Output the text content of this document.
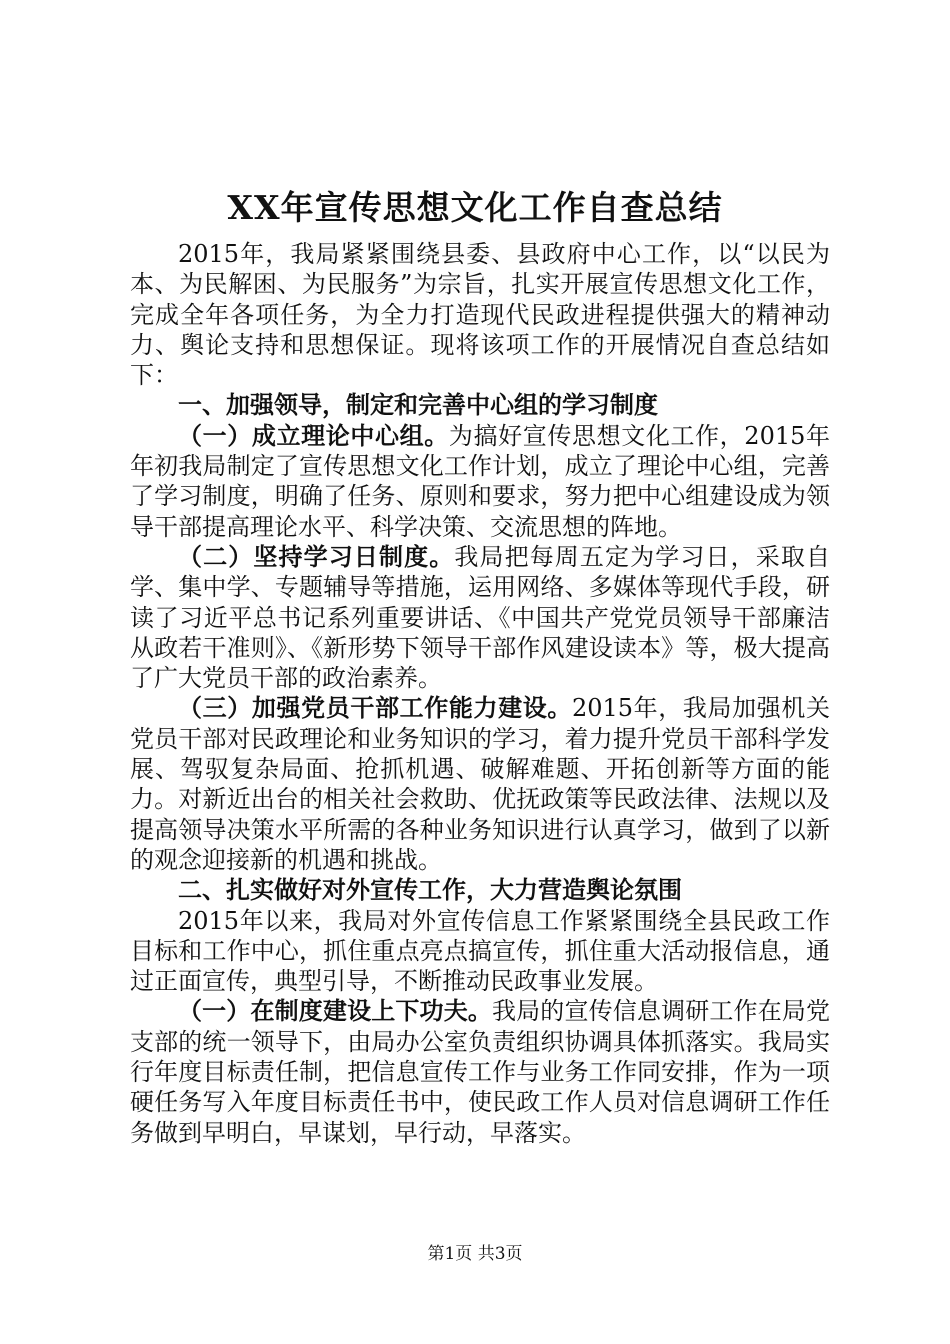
XX年宣传思想文化工作自查总结

2015年，我局紧紧围绕县委、县政府中心工作，以“以民为本、为民解困、为民服务”为宗旨，扎实开展宣传思想文化工作，完成全年各项任务，为全力打造现代民政进程提供强大的精神动力、舆论支持和思想保证。现将该项工作的开展情况自查总结如下：

一、加强领导，制定和完善中心组的学习制度

（一）成立理论中心组。为搞好宣传思想文化工作，2015年年初我局制定了宣传思想文化工作计划，成立了理论中心组，完善了学习制度，明确了任务、原则和要求，努力把中心组建设成为领导干部提高理论水平、科学决策、交流思想的阵地。

（二）坚持学习日制度。我局把每周五定为学习日，采取自学、集中学、专题辅导等措施，运用网络、多媒体等现代手段，研读了习近平总书记系列重要讲话、《中国共产党党员领导干部廉洁从政若干准则》、《新形势下领导干部作风建设读本》等，极大提高了广大党员干部的政治素养。

（三）加强党员干部工作能力建设。2015年，我局加强机关党员干部对民政理论和业务知识的学习，着力提升党员干部科学发展、驾驭复杂局面、抢抓机遇、破解难题、开拓创新等方面的能力。对新近出台的相关社会救助、优抚政策等民政法律、法规以及提高领导决策水平所需的各种业务知识进行认真学习，做到了以新的观念迎接新的机遇和挑战。

二、扎实做好对外宣传工作，大力营造舆论氛围

2015年以来，我局对外宣传信息工作紧紧围绕全县民政工作目标和工作中心，抓住重点亮点搞宣传，抓住重大活动报信息，通过正面宣传，典型引导，不断推动民政事业发展。

（一）在制度建设上下功夫。我局的宣传信息调研工作在局党支部的统一领导下，由局办公室负责组织协调具体抓落实。我局实行年度目标责任制，把信息宣传工作与业务工作同安排，作为一项硬任务写入年度目标责任书中，使民政工作人员对信息调研工作任务做到早明白，早谋划，早行动，早落实。

第1页 共3页
